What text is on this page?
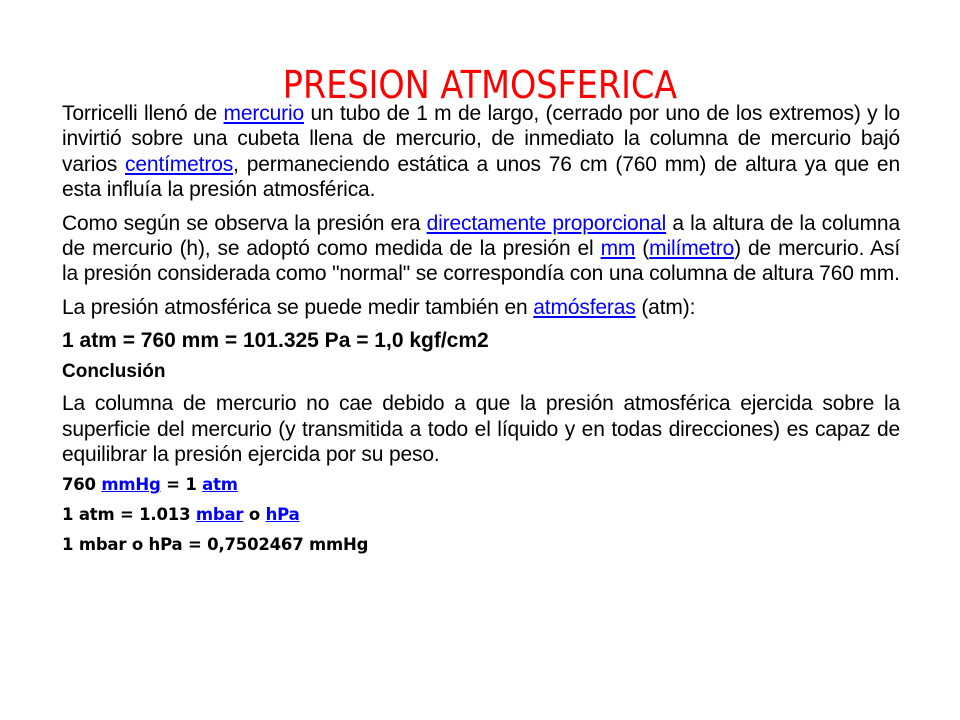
PRESION ATMOSFERICA

Torricelli llenó de mercurio un tubo de 1 m de largo, (cerrado por uno de los extremos) y lo invirtió sobre una cubeta llena de mercurio, de inmediato la columna de mercurio bajó varios centímetros, permaneciendo estática a unos 76 cm (760 mm) de altura ya que en esta influía la presión atmosférica.

Como según se observa la presión era directamente proporcional a la altura de la columna de mercurio (h), se adoptó como medida de la presión el mm (milímetro) de mercurio. Así la presión considerada como "normal" se correspondía con una columna de altura 760 mm.

La presión atmosférica se puede medir también en atmósferas (atm):

1 atm = 760 mm = 101.325 Pa = 1,0 kgf/cm2

Conclusión

La columna de mercurio no cae debido a que la presión atmosférica ejercida sobre la superficie del mercurio (y transmitida a todo el líquido y en todas direcciones) es capaz de equilibrar la presión ejercida por su peso.

760 mmHg = 1 atm

1 atm = 1.013 mbar o hPa

1 mbar o hPa = 0,7502467 mmHg
